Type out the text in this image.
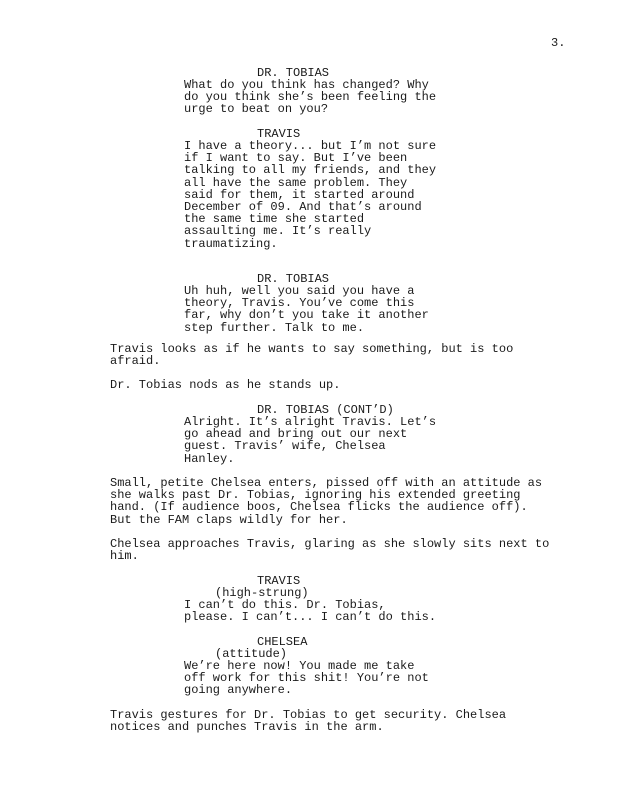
3.
DR. TOBIAS
What do you think has changed? Why
do you think she’s been feeling the
urge to beat on you?
TRAVIS
I have a theory... but I’m not sure
if I want to say. But I’ve been
talking to all my friends, and they
all have the same problem. They
said for them, it started around
December of 09. And that’s around
the same time she started
assaulting me. It’s really
traumatizing.
DR. TOBIAS
Uh huh, well you said you have a
theory, Travis. You’ve come this
far, why don’t you take it another
step further. Talk to me.
Travis looks as if he wants to say something, but is too
afraid.
Dr. Tobias nods as he stands up.
DR. TOBIAS (CONT’D)
Alright. It’s alright Travis. Let’s
go ahead and bring out our next
guest. Travis’ wife, Chelsea
Hanley.
Small, petite Chelsea enters, pissed off with an attitude as
she walks past Dr. Tobias, ignoring his extended greeting
hand. (If audience boos, Chelsea flicks the audience off).
But the FAM claps wildly for her.
Chelsea approaches Travis, glaring as she slowly sits next to
him.
TRAVIS
(high-strung)
I can’t do this. Dr. Tobias,
please. I can’t... I can’t do this.
CHELSEA
(attitude)
We’re here now! You made me take
off work for this shit! You’re not
going anywhere.
Travis gestures for Dr. Tobias to get security. Chelsea
notices and punches Travis in the arm.
